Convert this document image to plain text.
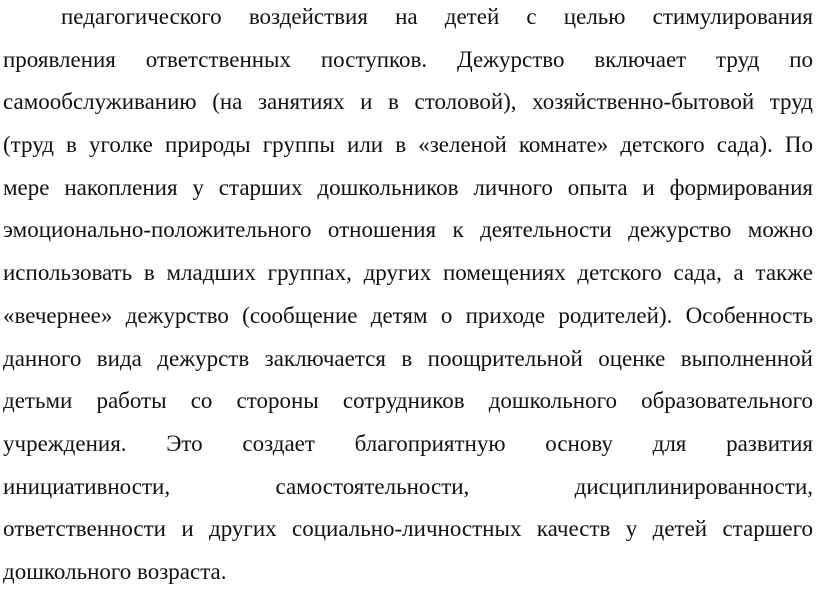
педагогического воздействия на детей с целью стимулирования
проявления ответственных поступков. Дежурство включает труд по
самообслуживанию (на занятиях и в столовой), хозяйственно-бытовой труд
(труд в уголке природы группы или в «зеленой комнате» детского сада). По
мере накопления у старших дошкольников личного опыта и формирования
эмоционально-положительного отношения к деятельности дежурство можно
использовать в младших группах, других помещениях детского сада, а также
«вечернее» дежурство (сообщение детям о приходе родителей). Особенность
данного вида дежурств заключается в поощрительной оценке выполненной
детьми работы со стороны сотрудников дошкольного образовательного
учреждения. Это создает благоприятную основу для развития
инициативности, самостоятельности, дисциплинированности,
ответственности и других социально-личностных качеств у детей старшего
дошкольного возраста.
